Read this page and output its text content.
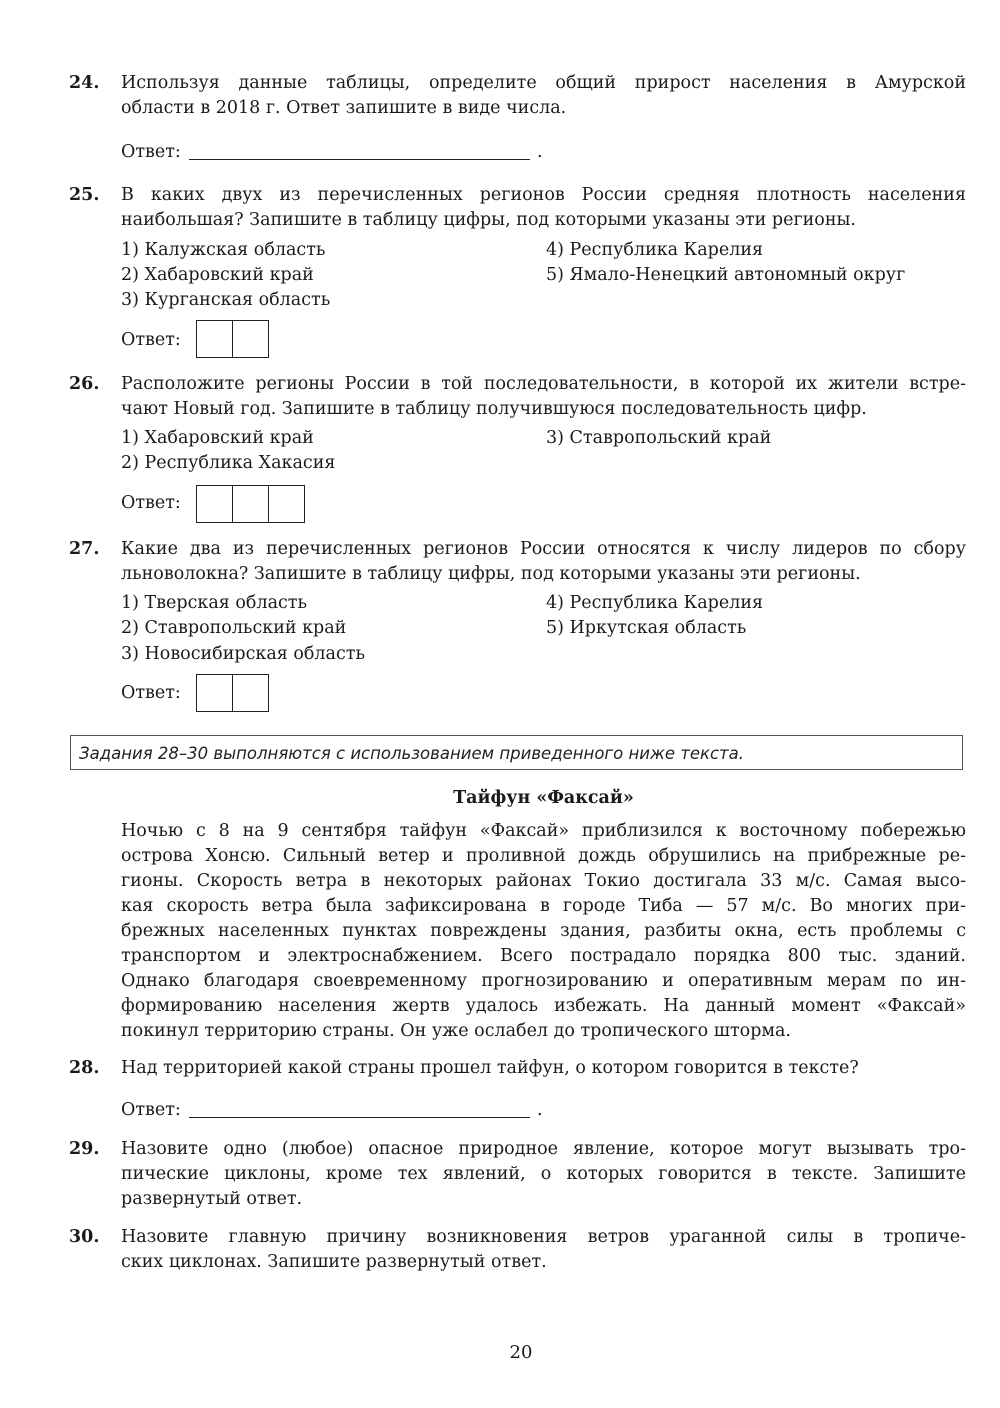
24. Используя данные таблицы, определите общий прирост населения в Амурской
области в 2018 г. Ответ запишите в виде числа.
Ответ:	.
25. В каких двух из перечисленных регионов России средняя плотность населения
наибольшая? Запишите в таблицу цифры, под которыми указаны эти регионы.
1) Калужская область
2) Хабаровский край
3) Курганская область
4) Республика Карелия
5) Ямало-Ненецкий автономный округ
Ответ:
26. Расположите регионы России в той последовательности, в которой их жители встре-
чают Новый год. Запишите в таблицу получившуюся последовательность цифр.
1) Хабаровский край
2) Республика Хакасия
3) Ставропольский край
Ответ:
27. Какие два из перечисленных регионов России относятся к числу лидеров по сбору
льноволокна? Запишите в таблицу цифры, под которыми указаны эти регионы.
1) Тверская область
2) Ставропольский край
3) Новосибирская область
4) Республика Карелия
5) Иркутская область
Ответ:
Задания 28–30 выполняются с использованием приведенного ниже текста.
Тайфун «Факсай»
Ночью с 8 на 9 сентября тайфун «Факсай» приблизился к восточному побережью
острова Хонсю. Сильный ветер и проливной дождь обрушились на прибрежные ре-
гионы. Скорость ветра в некоторых районах Токио достигала 33 м/с. Самая высо-
кая скорость ветра была зафиксирована в городе Тиба — 57 м/с. Во многих при-
брежных населенных пунктах повреждены здания, разбиты окна, есть проблемы с
транспортом и электроснабжением. Всего пострадало порядка 800 тыс. зданий.
Однако благодаря своевременному прогнозированию и оперативным мерам по ин-
формированию населения жертв удалось избежать. На данный момент «Факсай»
покинул территорию страны. Он уже ослабел до тропического шторма.
28. Над территорией какой страны прошел тайфун, о котором говорится в тексте?
Ответ:	.
29. Назовите одно (любое) опасное природное явление, которое могут вызывать тро-
пические циклоны, кроме тех явлений, о которых говорится в тексте. Запишите
развернутый ответ.
30. Назовите главную причину возникновения ветров ураганной силы в тропиче-
ских циклонах. Запишите развернутый ответ.
20
